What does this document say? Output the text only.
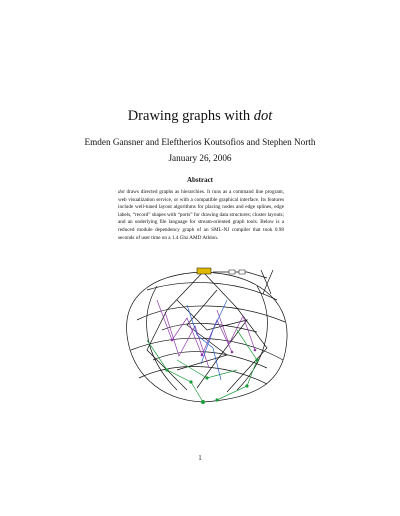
Drawing graphs with dot
Emden Gansner and Eleftherios Koutsofios and Stephen North
January 26, 2006
Abstract

dot draws directed graphs as hierarchies. It runs as a command line program, web visualization service, or with a compatible graphical interface. Its features include well-tuned layout algorithms for placing nodes and edge splines, edge labels, “record” shapes with “ports” for drawing data structures; cluster layouts; and an underlying file language for stream-oriented graph tools. Below is a reduced module dependency graph of an SML-NJ compiler that took 0.98 seconds of user time on a 1.4 Ghz AMD Athlon.

1
